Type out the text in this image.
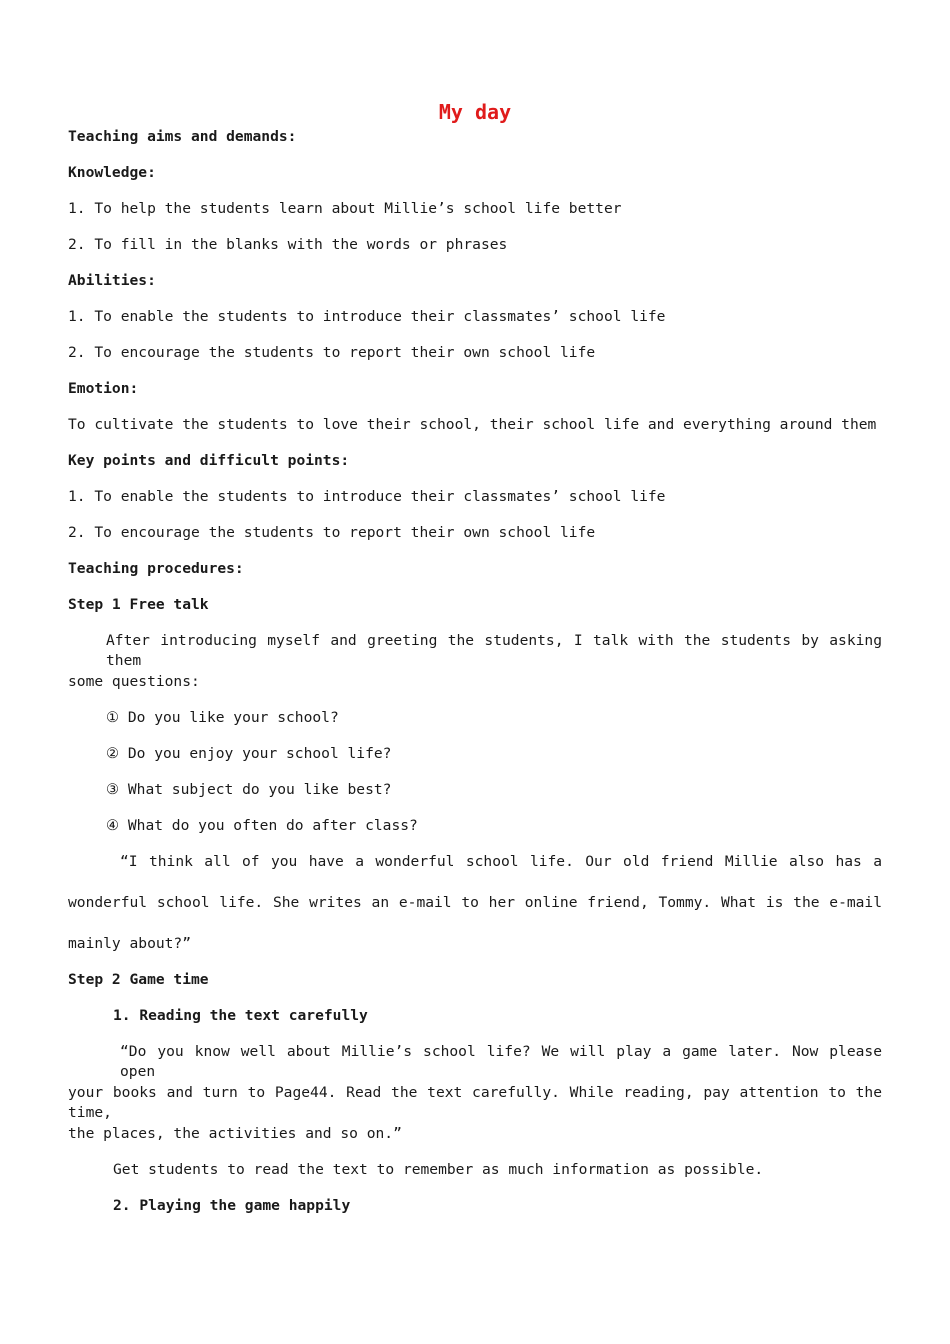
My day
Teaching aims and demands:
Knowledge:
1. To help the students learn about Millie’s school life better
2. To fill in the blanks with the words or phrases
Abilities:
1. To enable the students to introduce their classmates’ school life
2. To encourage the students to report their own school life
Emotion:
To cultivate the students to love their school, their school life and everything around them
Key points and difficult points:
1. To enable the students to introduce their classmates’ school life
2. To encourage the students to report their own school life
Teaching procedures:
Step 1 Free talk
After introducing myself and greeting the students, I talk with the students by asking them
some questions:
① Do you like your school?
② Do you enjoy your school life?
③ What subject do you like best?
④ What do you often do after class?
“I think all of you have a wonderful school life. Our old friend Millie also has a
wonderful school life. She writes an e-mail to her online friend, Tommy. What is the e-mail
mainly about?”
Step 2 Game time
1. Reading the text carefully
“Do you know well about Millie’s school life? We will play a game later. Now please open
your books and turn to Page44. Read the text carefully. While reading, pay attention to the time,
the places, the activities and so on.”
Get students to read the text to remember as much information as possible.
2. Playing the game happily
